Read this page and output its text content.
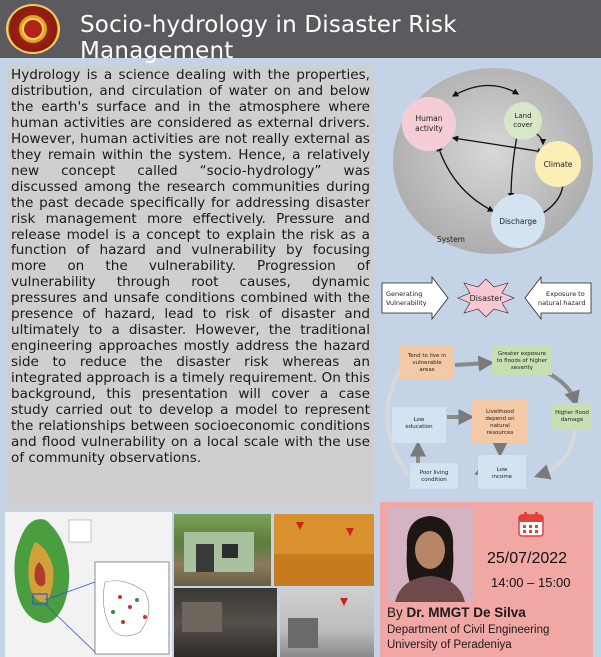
Socio-hydrology in Disaster Risk Management
Hydrology is a science dealing with the properties, distribution, and circulation of water on and below the earth's surface and in the atmosphere where human activities are considered as external drivers. However, human activities are not really external as they remain within the system. Hence, a relatively new concept called “socio-hydrology” was discussed among the research communities during the past decade specifically for addressing disaster risk management more effectively. Pressure and release model is a concept to explain the risk as a function of hazard and vulnerability by focusing more on the vulnerability. Progression of vulnerability through root causes, dynamic pressures and unsafe conditions combined with the presence of hazard, lead to risk of disaster and ultimately to a disaster. However, the traditional engineering approaches mostly address the hazard side to reduce the disaster risk whereas an integrated approach is a timely requirement. On this background, this presentation will cover a case study carried out to develop a model to represent the relationships between socioeconomic conditions and flood vulnerability on a local scale with the use of community observations.
Human activity
Land cover
Climate
Discharge
System
Generating Vulnerability	Disaster	Exposure to natural hazard
Tend to live in vulnerable areas
Greater exposure to floods of higher severity
Higher flood damage
Livelihood depend on natural resources
Low education
Poor living condition
Low income
25/07/2022
14:00 – 15:00
By Dr. MMGT De Silva
Department of Civil Engineering
University of Peradeniya
